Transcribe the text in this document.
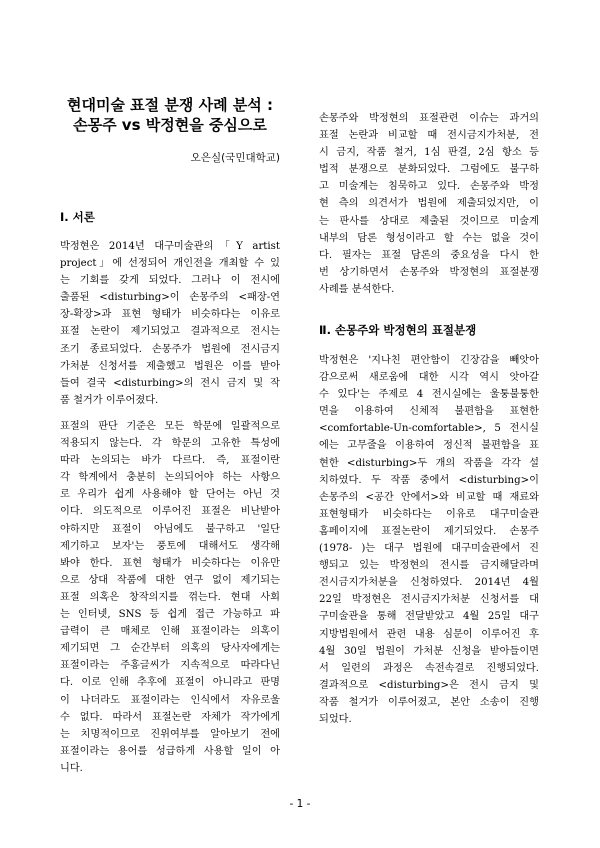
현대미술 표절 분쟁 사례 분석 :

손몽주 vs 박정현을 중심으로

오은실(국민대학교)
Ⅰ. 서론
박정현은 2014년 대구미술관의「Y artist
project」에 선정되어 개인전을 개최할 수 있
는 기회를 갖게 되었다. 그러나 이 전시에
출품된 <disturbing>이 손몽주의 <패장-연
장-확장>과 표현 형태가 비슷하다는 이유로
표절 논란이 제기되었고 결과적으로 전시는
조기 종료되었다. 손몽주가 법원에 전시금지
가처분 신청서를 제출했고 법원은 이를 받아
들여 결국 <disturbing>의 전시 금지 및 작
품 철거가 이루어졌다.
표절의 판단 기준은 모든 학문에 일괄적으로
적용되지 않는다. 각 학문의 고유한 특성에
따라 논의되는 바가 다르다. 즉, 표절이란
각 학계에서 충분히 논의되어야 하는 사항으
로 우리가 쉽게 사용해야 할 단어는 아닌 것
이다. 의도적으로 이루어진 표절은 비난받아
야하지만 표절이 아님에도 불구하고 '일단
제기하고 보자'는 풍토에 대해서도 생각해
봐야 한다. 표현 형태가 비슷하다는 이유만
으로 상대 작품에 대한 연구 없이 제기되는
표절 의혹은 창작의지를 꺾는다. 현대 사회
는 인터넷, SNS 등 쉽게 접근 가능하고 파
급력이 큰 매체로 인해 표절이라는 의혹이
제기되면 그 순간부터 의혹의 당사자에게는
표절이라는 주홍글씨가 지속적으로 따라다닌
다. 이로 인해 추후에 표절이 아니라고 판명
이 나더라도 표절이라는 인식에서 자유로울
수 없다. 따라서 표절논란 자체가 작가에게
는 치명적이므로 진위여부를 알아보기 전에
표절이라는 용어를 성급하게 사용할 일이 아
니다.
손몽주와 박정현의 표절관련 이슈는 과거의
표절 논란과 비교할 때 전시금지가처분, 전
시 금지, 작품 철거, 1심 판결, 2심 항소 등
법적 분쟁으로 분화되었다. 그럼에도 불구하
고 미술계는 침묵하고 있다. 손몽주와 박정
현 측의 의견서가 법원에 제출되었지만, 이
는 판사를 상대로 제출된 것이므로 미술계
내부의 담론 형성이라고 할 수는 없을 것이
다. 필자는 표절 담론의 중요성을 다시 한
번 상기하면서 손몽주와 박정현의 표절분쟁
사례를 분석한다.
Ⅱ. 손몽주와 박정현의 표절분쟁
박정현은 '지나친 편안함이 긴장감을 빼앗아
감으로써 새로움에 대한 시각 역시 앗아갈
수 있다'는 주제로 4 전시실에는 울퉁불퉁한
면을 이용하여 신체적 불편함을 표현한
<comfortable-Un-comfortable>, 5 전시실
에는 고무줄을 이용하여 정신적 불편함을 표
현한 <disturbing>두 개의 작품을 각각 설
치하였다. 두 작품 중에서 <disturbing>이
손몽주의 <공간 안에서>와 비교할 때 재료와
표현형태가 비슷하다는 이유로 대구미술관
홈페이지에 표절논란이 제기되었다. 손몽주
(1978- )는 대구 법원에 대구미술관에서 진
행되고 있는 박정현의 전시를 금지해달라며
전시금지가처분을 신청하였다. 2014년 4월
22일 박정현은 전시금지가처분 신청서를 대
구미술관을 통해 전달받았고 4월 25일 대구
지방법원에서 관련 내용 심문이 이루어진 후
4월 30일 법원이 가처분 신청을 받아들이면
서 일련의 과정은 속전속결로 진행되었다.
결과적으로 <disturbing>은 전시 금지 및
작품 철거가 이루어졌고, 본안 소송이 진행
되었다.
- 1 -
